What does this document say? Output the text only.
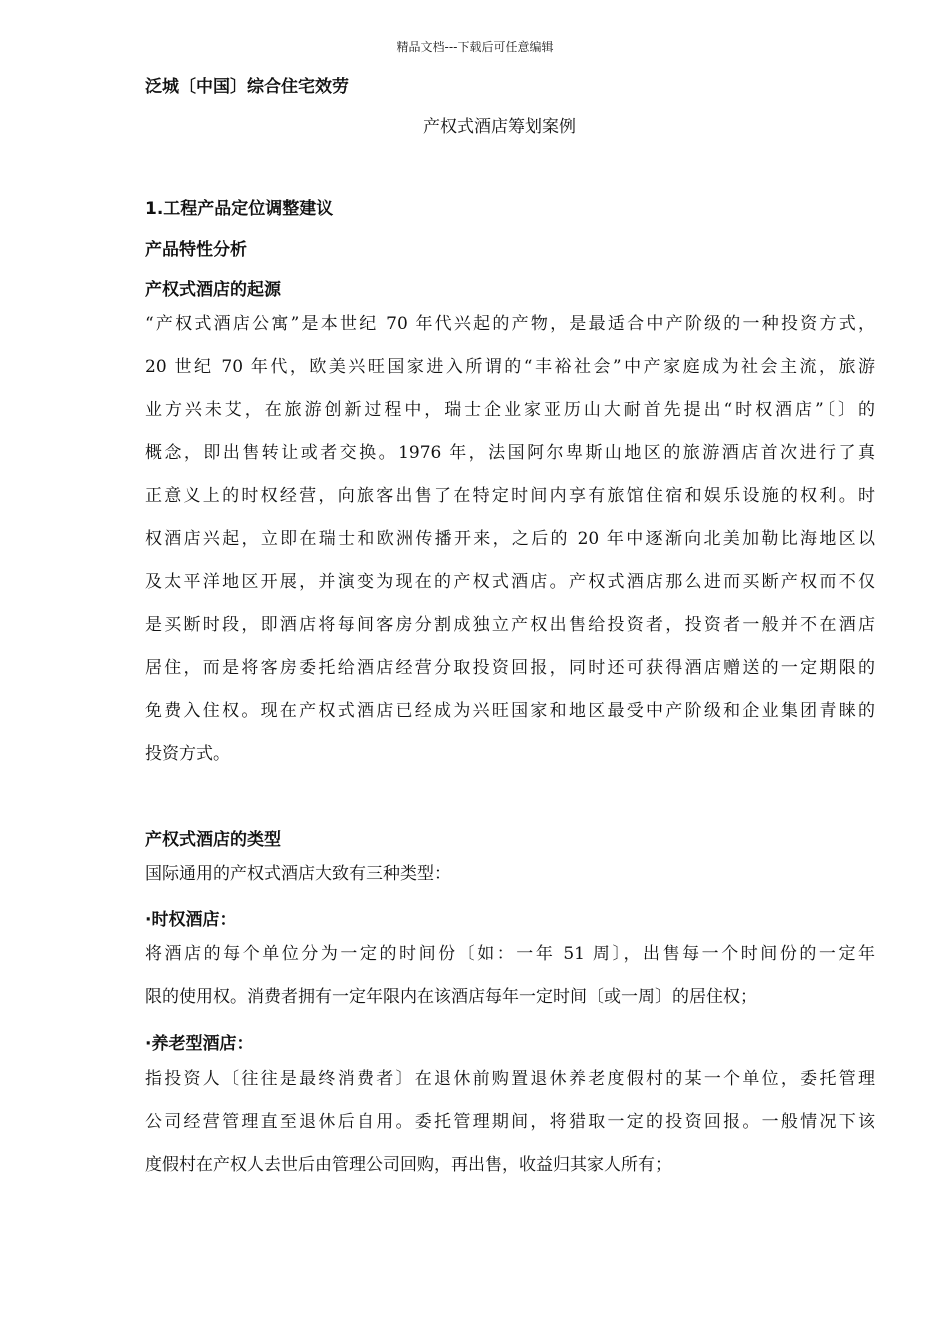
精品文档---下载后可任意编辑
泛城〔中国〕综合住宅效劳
产权式酒店筹划案例
1.工程产品定位调整建议
产品特性分析
产权式酒店的起源
“产权式酒店公寓”是本世纪 70 年代兴起的产物，是最适合中产阶级的一种投资方式，
20 世纪 70 年代，欧美兴旺国家进入所谓的“丰裕社会”中产家庭成为社会主流，旅游
业方兴未艾，在旅游创新过程中，瑞士企业家亚历山大耐首先提出“时权酒店”〔〕的
概念，即出售转让或者交换。1976 年，法国阿尔卑斯山地区的旅游酒店首次进行了真
正意义上的时权经营，向旅客出售了在特定时间内享有旅馆住宿和娱乐设施的权利。时
权酒店兴起，立即在瑞士和欧洲传播开来，之后的 20 年中逐渐向北美加勒比海地区以
及太平洋地区开展，并演变为现在的产权式酒店。产权式酒店那么进而买断产权而不仅
是买断时段，即酒店将每间客房分割成独立产权出售给投资者，投资者一般并不在酒店
居住，而是将客房委托给酒店经营分取投资回报，同时还可获得酒店赠送的一定期限的
免费入住权。现在产权式酒店已经成为兴旺国家和地区最受中产阶级和企业集团青睐的
投资方式。
产权式酒店的类型
国际通用的产权式酒店大致有三种类型：
·时权酒店：
将酒店的每个单位分为一定的时间份〔如：一年 51 周〕，出售每一个时间份的一定年
限的使用权。消费者拥有一定年限内在该酒店每年一定时间〔或一周〕的居住权；
·养老型酒店：
指投资人〔往往是最终消费者〕在退休前购置退休养老度假村的某一个单位，委托管理
公司经营管理直至退休后自用。委托管理期间，将猎取一定的投资回报。一般情况下该
度假村在产权人去世后由管理公司回购，再出售，收益归其家人所有；
